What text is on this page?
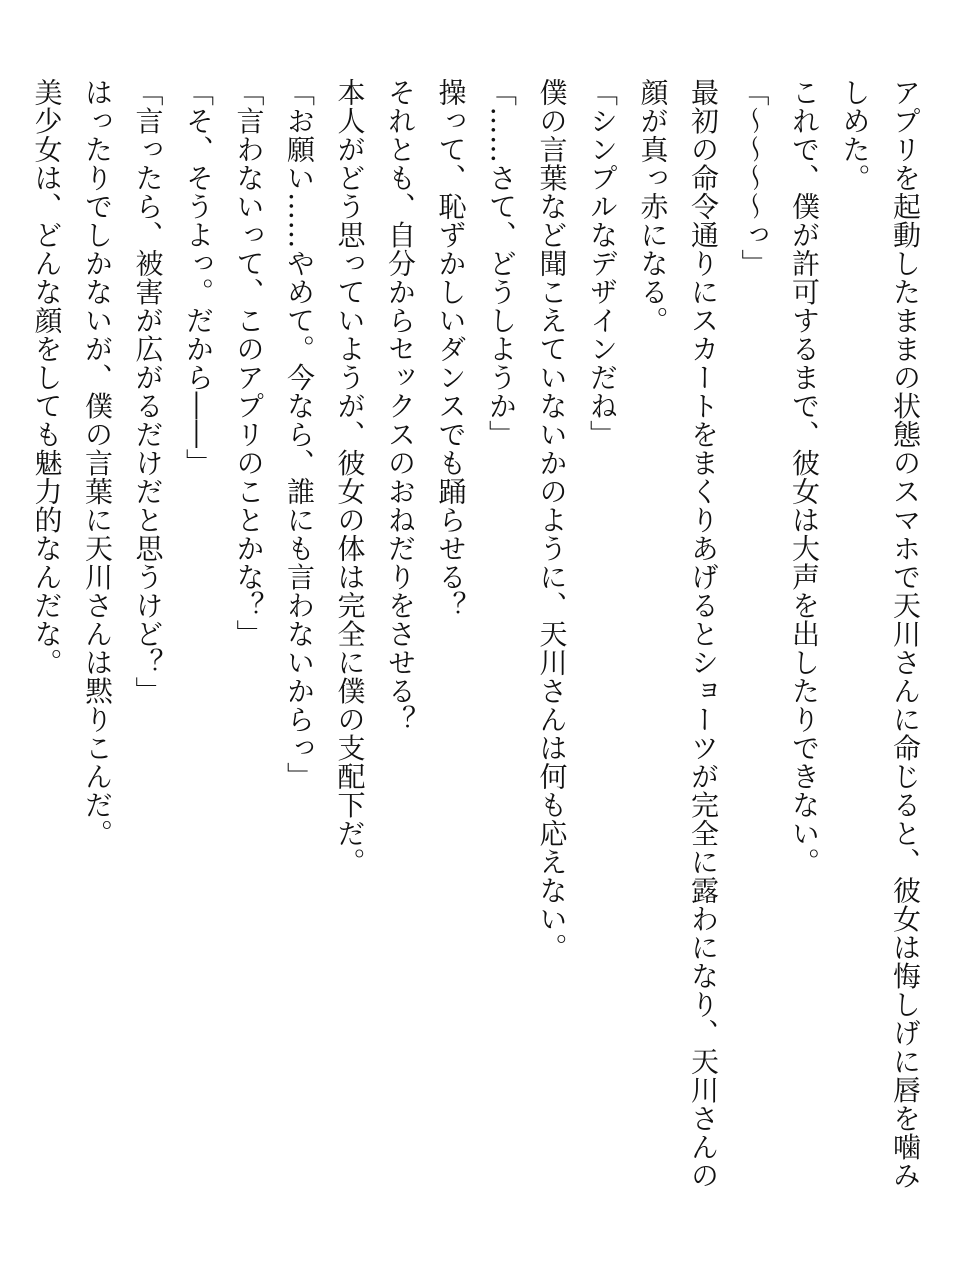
アプリを起動したままの状態のスマホで天川さんに命じると、彼女は悔しげに唇を噛み
しめた。
これで、僕が許可するまで、彼女は大声を出したりできない。
「〜〜〜〜っ」
最初の命令通りにスカートをまくりあげるとショーツが完全に露わになり、天川さんの
顔が真っ赤になる。
「シンプルなデザインだね」
僕の言葉など聞こえていないかのように、天川さんは何も応えない。
「……さて、どうしようか」
操って、恥ずかしいダンスでも踊らせる？
それとも、自分からセックスのおねだりをさせる？
本人がどう思っていようが、彼女の体は完全に僕の支配下だ。
「お願い……やめて。今なら、誰にも言わないからっ」
「言わないって、このアプリのことかな？」
「そ、そうよっ。だから――」
「言ったら、被害が広がるだけだと思うけど？」
はったりでしかないが、僕の言葉に天川さんは黙りこんだ。
美少女は、どんな顔をしても魅力的なんだな。
